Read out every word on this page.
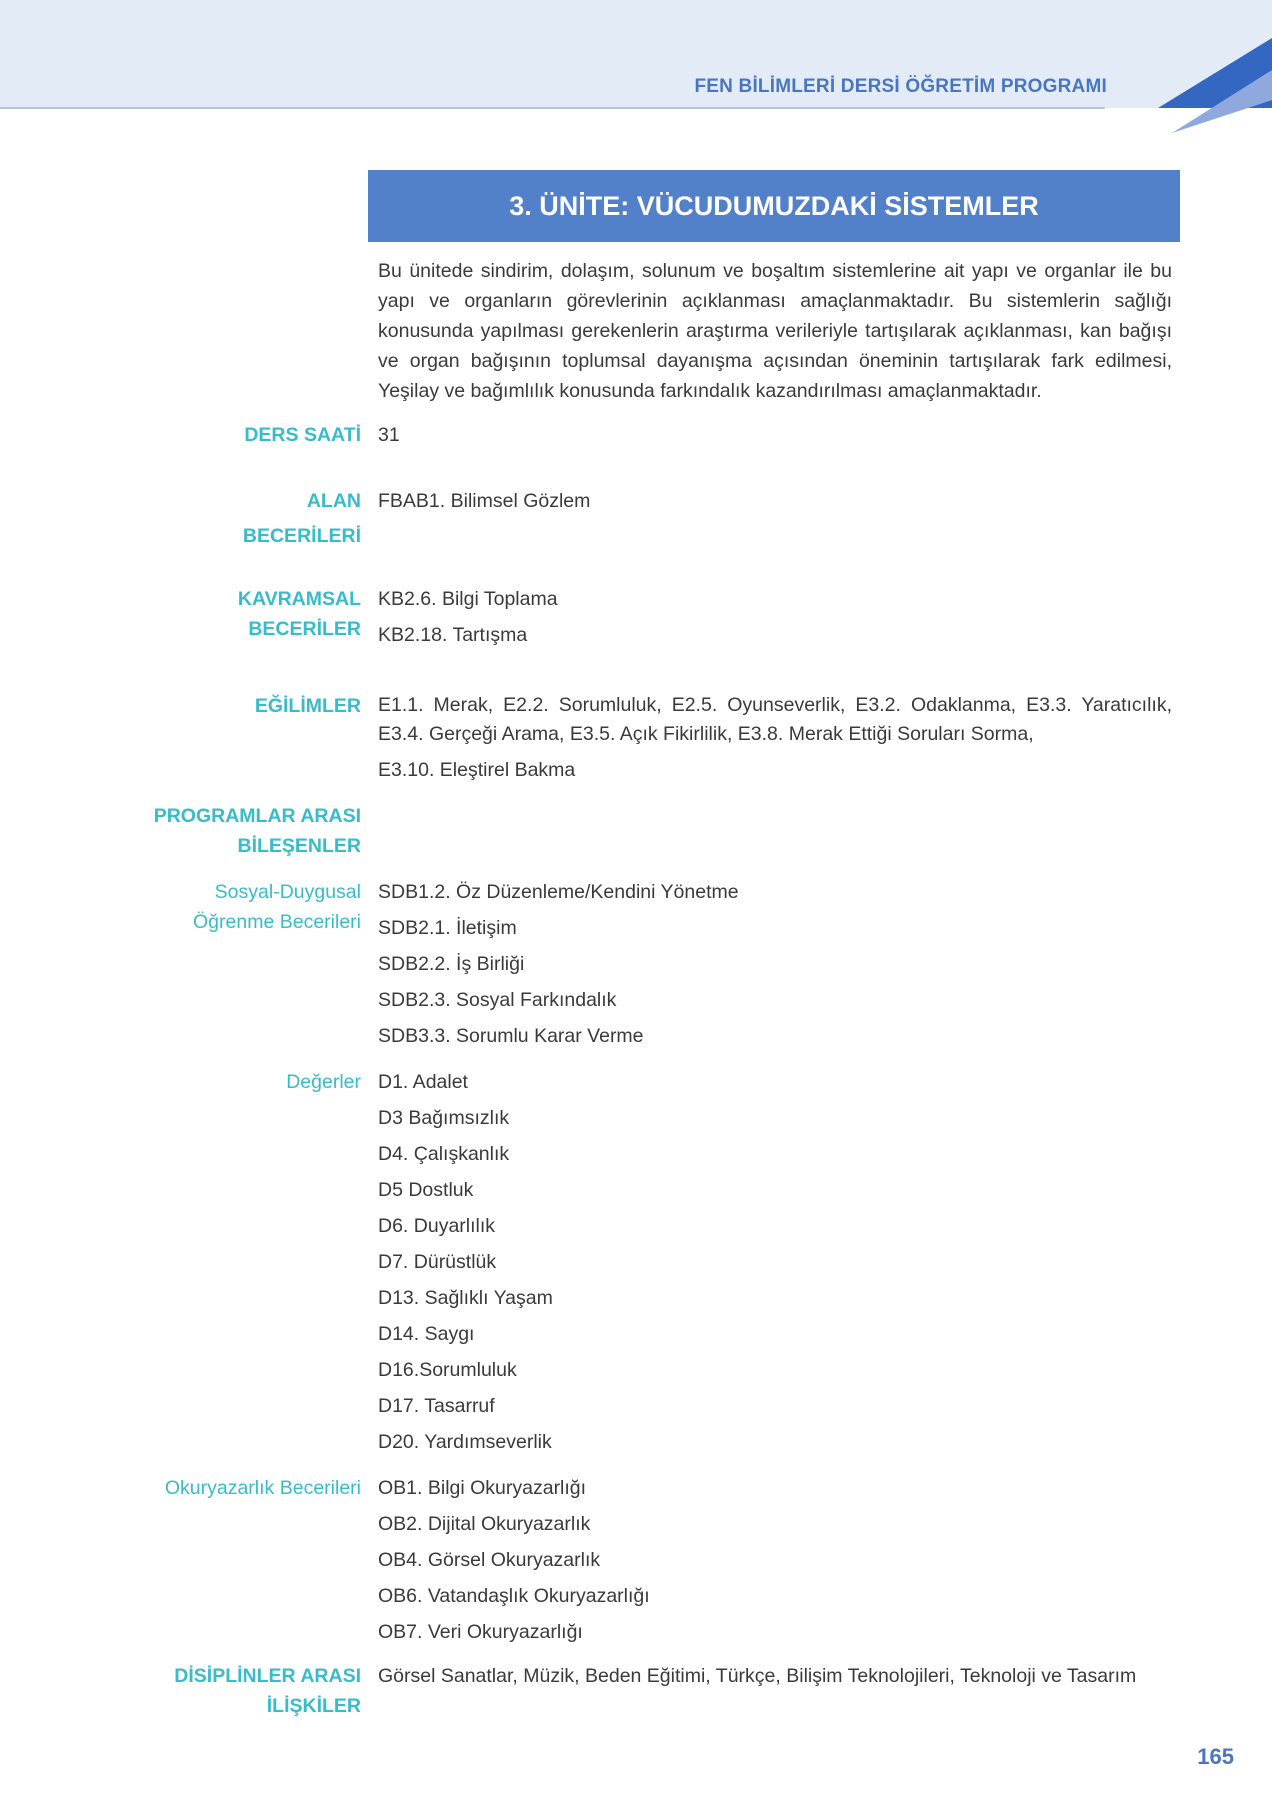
FEN BİLİMLERİ DERSİ ÖĞRETİM PROGRAMI
3. ÜNİTE: VÜCUDUMUZDAKİ SİSTEMLER
Bu ünitede sindirim, dolaşım, solunum ve boşaltım sistemlerine ait yapı ve organlar ile bu yapı ve organların görevlerinin açıklanması amaçlanmaktadır. Bu sistemlerin sağlığı konusunda yapılması gerekenlerin araştırma verileriyle tartışılarak açıklanması, kan bağışı ve organ bağışının toplumsal dayanışma açısından öneminin tartışılarak fark edilmesi, Yeşilay ve bağımlılık konusunda farkındalık kazandırılması amaçlanmaktadır.
DERS SAATİ 31
ALAN
BECERİLERİ
FBAB1. Bilimsel Gözlem
KAVRAMSAL
BECERİLER
KB2.6. Bilgi Toplama
KB2.18. Tartışma
EĞİLİMLER E1.1. Merak, E2.2. Sorumluluk, E2.5. Oyunseverlik, E3.2. Odaklanma, E3.3. Yaratıcılık, E3.4. Gerçeği Arama, E3.5. Açık Fikirlilik, E3.8. Merak Ettiği Soruları Sorma,
E3.10. Eleştirel Bakma
PROGRAMLAR ARASI
BİLEŞENLER
Sosyal-Duygusal
Öğrenme Becerileri
SDB1.2. Öz Düzenleme/Kendini Yönetme
SDB2.1. İletişim
SDB2.2. İş Birliği
SDB2.3. Sosyal Farkındalık
SDB3.3. Sorumlu Karar Verme
Değerler D1. Adalet
D3 Bağımsızlık
D4. Çalışkanlık
D5 Dostluk
D6. Duyarlılık
D7. Dürüstlük
D13. Sağlıklı Yaşam
D14. Saygı
D16.Sorumluluk
D17. Tasarruf
D20. Yardımseverlik
Okuryazarlık Becerileri OB1. Bilgi Okuryazarlığı
OB2. Dijital Okuryazarlık
OB4. Görsel Okuryazarlık
OB6. Vatandaşlık Okuryazarlığı
OB7. Veri Okuryazarlığı
DİSİPLİNLER ARASI
İLİŞKİLER
Görsel Sanatlar, Müzik, Beden Eğitimi, Türkçe, Bilişim Teknolojileri, Teknoloji ve Tasarım
165
